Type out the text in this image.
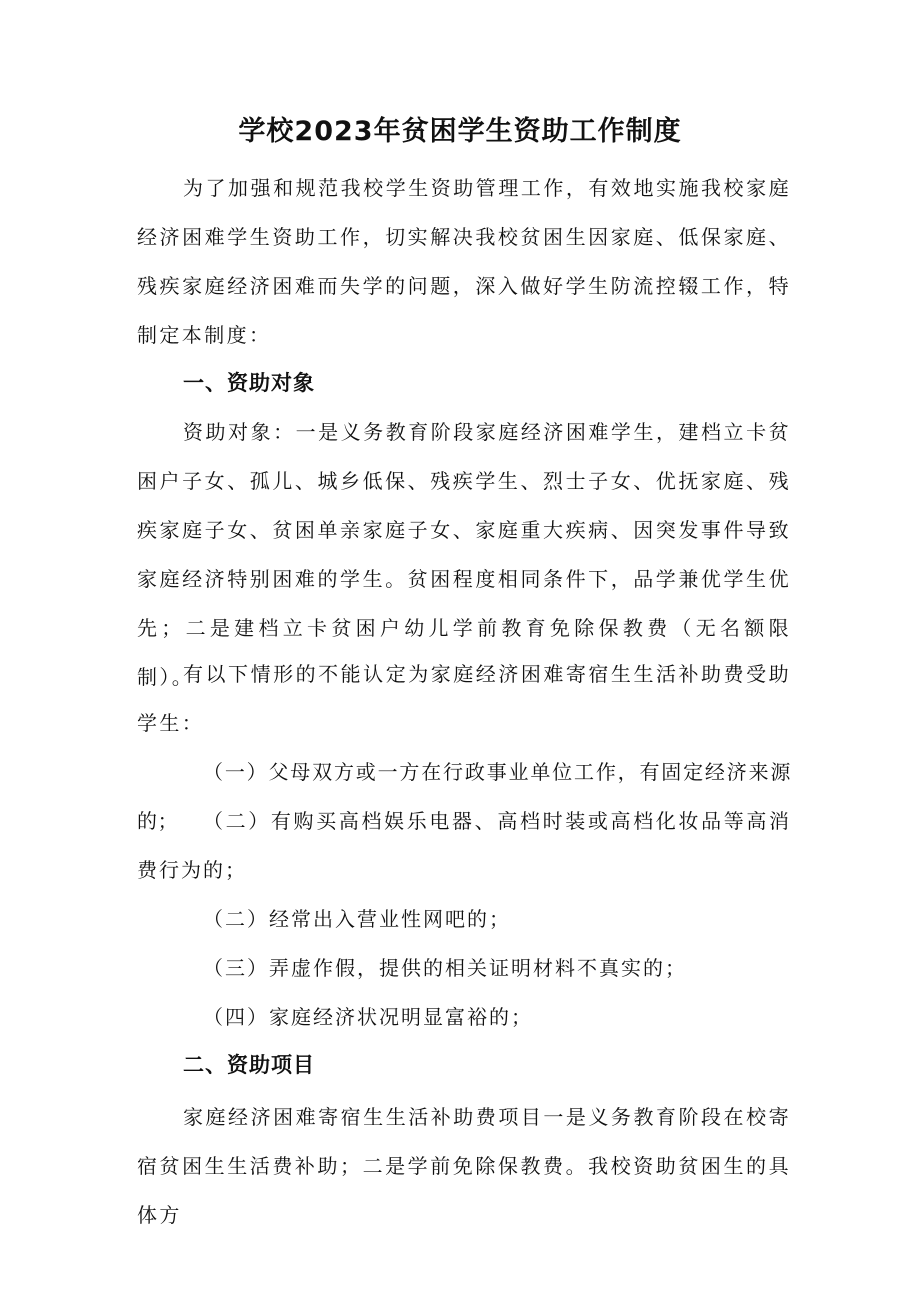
学校2023年贫困学生资助工作制度

为了加强和规范我校学生资助管理工作，有效地实施我校家庭经济困难学生资助工作，切实解决我校贫困生因家庭、低保家庭、残疾家庭经济困难而失学的问题，深入做好学生防流控辍工作，特制定本制度：

一、资助对象

资助对象：一是义务教育阶段家庭经济困难学生，建档立卡贫困户子女、孤儿、城乡低保、残疾学生、烈士子女、优抚家庭、残疾家庭子女、贫困单亲家庭子女、家庭重大疾病、因突发事件导致家庭经济特别困难的学生。贫困程度相同条件下，品学兼优学生优先；二是建档立卡贫困户幼儿学前教育免除保教费（无名额限制）。

有以下情形的不能认定为家庭经济困难寄宿生生活补助费受助学生：

（一）父母双方或一方在行政事业单位工作，有固定经济来源的；	（二）有购买高档娱乐电器、高档时装或高档化妆品等高消费行为的；

（二）经常出入营业性网吧的；

（三）弄虚作假，提供的相关证明材料不真实的；

（四）家庭经济状况明显富裕的；

二、资助项目

家庭经济困难寄宿生生活补助费项目一是义务教育阶段在校寄宿贫困生生活费补助；二是学前免除保教费。我校资助贫困生的具体方
